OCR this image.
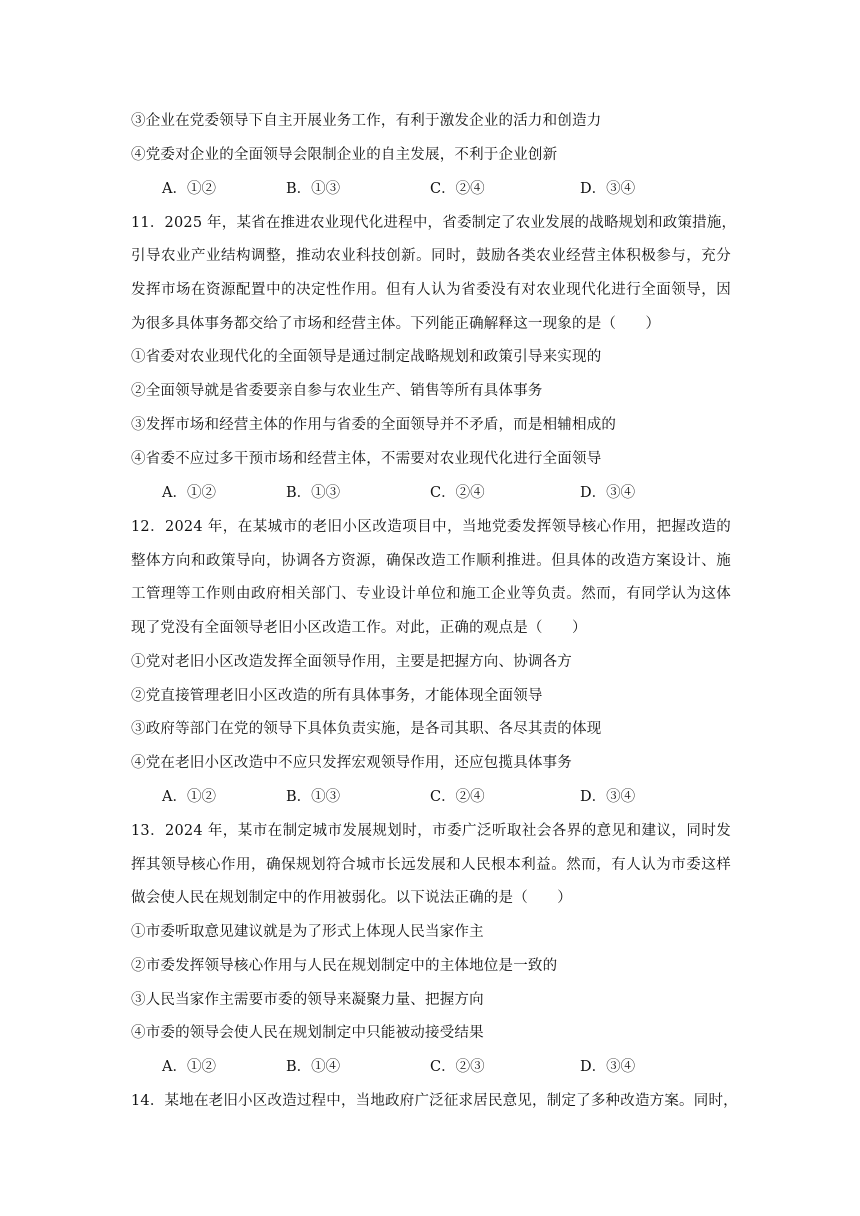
③企业在党委领导下自主开展业务工作，有利于激发企业的活力和创造力
④党委对企业的全面领导会限制企业的自主发展，不利于企业创新
A．①②	B．①③	C．②④	D．③④
11．2025 年，某省在推进农业现代化进程中，省委制定了农业发展的战略规划和政策措施，
引导农业产业结构调整，推动农业科技创新。同时，鼓励各类农业经营主体积极参与，充分
发挥市场在资源配置中的决定性作用。但有人认为省委没有对农业现代化进行全面领导，因
为很多具体事务都交给了市场和经营主体。下列能正确解释这一现象的是（　　）
①省委对农业现代化的全面领导是通过制定战略规划和政策引导来实现的
②全面领导就是省委要亲自参与农业生产、销售等所有具体事务
③发挥市场和经营主体的作用与省委的全面领导并不矛盾，而是相辅相成的
④省委不应过多干预市场和经营主体，不需要对农业现代化进行全面领导
A．①②	B．①③	C．②④	D．③④
12．2024 年，在某城市的老旧小区改造项目中，当地党委发挥领导核心作用，把握改造的
整体方向和政策导向，协调各方资源，确保改造工作顺利推进。但具体的改造方案设计、施
工管理等工作则由政府相关部门、专业设计单位和施工企业等负责。然而，有同学认为这体
现了党没有全面领导老旧小区改造工作。对此，正确的观点是（　　）
①党对老旧小区改造发挥全面领导作用，主要是把握方向、协调各方
②党直接管理老旧小区改造的所有具体事务，才能体现全面领导
③政府等部门在党的领导下具体负责实施，是各司其职、各尽其责的体现
④党在老旧小区改造中不应只发挥宏观领导作用，还应包揽具体事务
A．①②	B．①③	C．②④	D．③④
13．2024 年，某市在制定城市发展规划时，市委广泛听取社会各界的意见和建议，同时发
挥其领导核心作用，确保规划符合城市长远发展和人民根本利益。然而，有人认为市委这样
做会使人民在规划制定中的作用被弱化。以下说法正确的是（　　）
①市委听取意见建议就是为了形式上体现人民当家作主
②市委发挥领导核心作用与人民在规划制定中的主体地位是一致的
③人民当家作主需要市委的领导来凝聚力量、把握方向
④市委的领导会使人民在规划制定中只能被动接受结果
A．①②	B．①④	C．②③	D．③④
14．某地在老旧小区改造过程中，当地政府广泛征求居民意见，制定了多种改造方案。同时，
